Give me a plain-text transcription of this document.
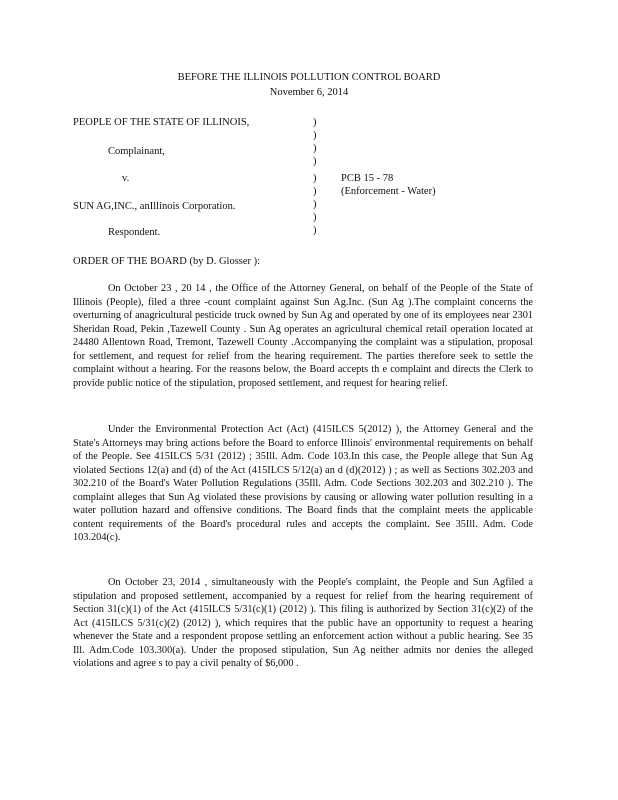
BEFORE THE ILLINOIS POLLUTION CONTROL BOARD
November 6, 2014
PEOPLE OF THE STATE OF ILLINOIS,
Complainant,
v.
SUN AG,INC., anIllinois Corporation.
Respondent.
)
)
)
)
)
)
)
)
)
PCB 15 - 78
(Enforcement - Water)
ORDER OF THE BOARD (by D. Glosser ):

On October 23 , 20 14 , the Office of the Attorney General, on behalf of the People of the State of Illinois (People), filed a three -count complaint against Sun Ag.Inc. (Sun Ag ).The complaint concerns the overturning of anagricultural pesticide truck owned by Sun Ag and operated by one of its employees near 2301 Sheridan Road, Pekin ,Tazewell County . Sun Ag operates an agricultural chemical retail operation located at 24480 Allentown Road, Tremont, Tazewell County .Accompanying the complaint was a stipulation, proposal for settlement, and request for relief from the hearing requirement. The parties therefore seek to settle the complaint without a hearing. For the reasons below, the Board accepts th e complaint and directs the Clerk to provide public notice of the stipulation, proposed settlement, and request for hearing relief.

Under the Environmental Protection Act (Act) (415ILCS 5(2012) ), the Attorney General and the State's Attorneys may bring actions before the Board to enforce Illinois' environmental requirements on behalf of the People. See 415ILCS 5/31 (2012) ; 35Ill. Adm. Code 103.In this case, the People allege that Sun Ag violated Sections 12(a) and (d) of the Act (415ILCS 5/12(a) an d (d)(2012) ) ; as well as Sections 302.203 and 302.210 of the Board's Water Pollution Regulations (35Ill. Adm. Code Sections 302.203 and 302.210 ). The complaint alleges that Sun Ag violated these provisions by causing or allowing water pollution resulting in a water pollution hazard and offensive conditions. The Board finds that the complaint meets the applicable content requirements of the Board's procedural rules and accepts the complaint. See 35Ill. Adm. Code 103.204(c).

On October 23, 2014 , simultaneously with the People's complaint, the People and Sun Agfiled a stipulation and proposed settlement, accompanied by a request for relief from the hearing requirement of Section 31(c)(1) of the Act (415ILCS 5/31(c)(1) (2012) ). This filing is authorized by Section 31(c)(2) of the Act (415ILCS 5/31(c)(2) (2012) ), which requires that the public have an opportunity to request a hearing whenever the State and a respondent propose settling an enforcement action without a public hearing. See 35 Ill. Adm.Code 103.300(a). Under the proposed stipulation, Sun Ag neither admits nor denies the alleged violations and agree s to pay a civil penalty of $6,000 .
